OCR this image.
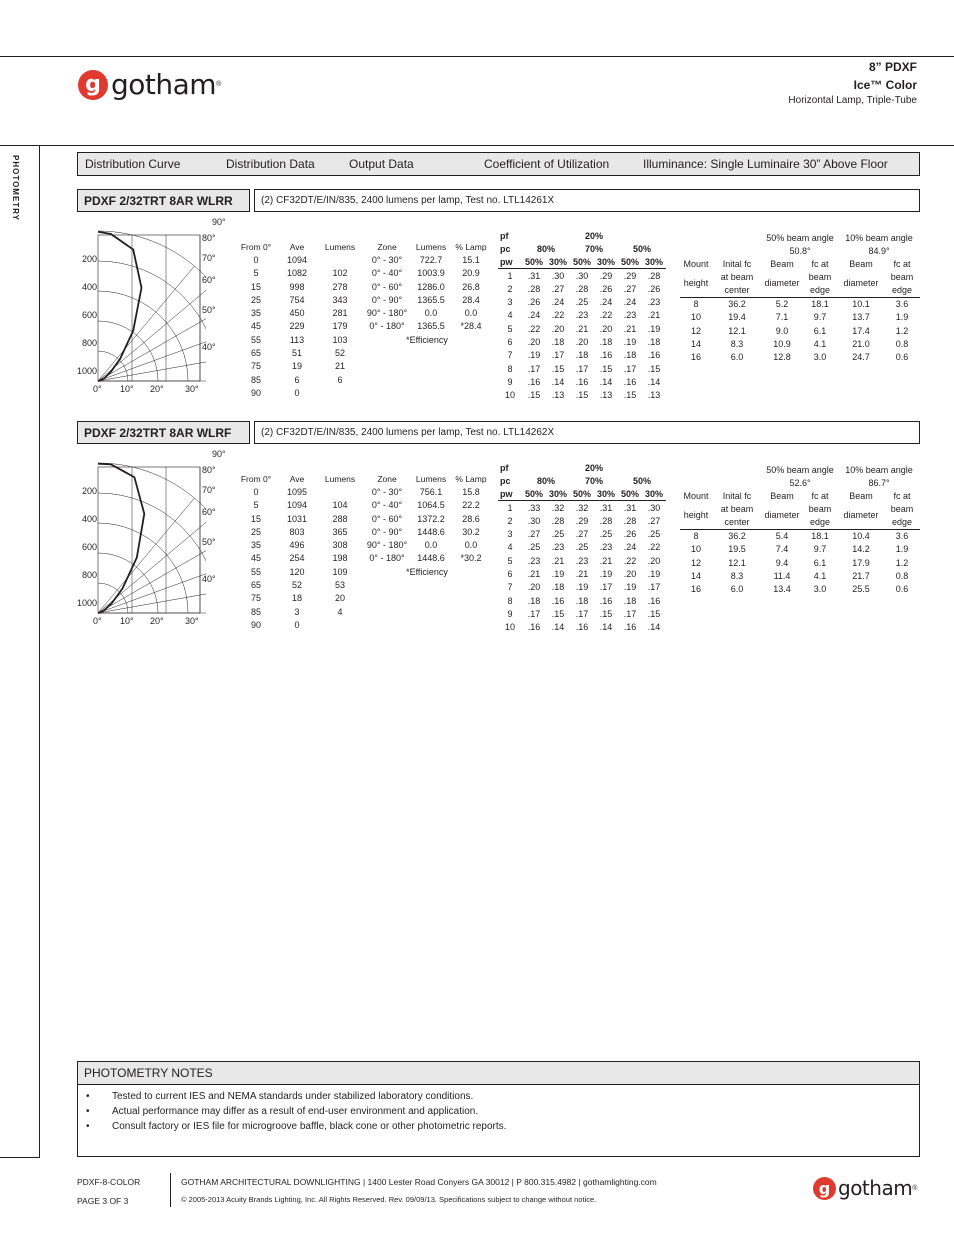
g gotham ®
8” PDXF
Ice™ Color
Horizontal Lamp, Triple-Tube
PHOTOMETRY	Distribution Curve	Distribution Data	Output Data	Coefficient of Utilization	Illuminance: Single Luminaire 30” Above Floor
PDXF 2/32TRT 8AR WLRR	(2) CF32DT/E/IN/835, 2400 lumens per lamp, Test no. LTL14261X
90°
80°
70°
60°
50°
40°
200
400
600
800
1000
0° 10° 20° 30°
From 0°	Ave	Lumens
0	1094	
5	1082	102
15	998	278
25	754	343
35	450	281
45	229	179
55	113	103
65	51	52
75	19	21
85	6	6
90	0	
Zone	Lumens	% Lamp
0° - 30°	722.7	15.1
0° - 40°	1003.9	20.9
0° - 60°	1286.0	26.8
0° - 90°	1365.5	28.4
90° - 180°	0.0	0.0
0° - 180°	1365.5	*28.4
*Efficiency		
pf	20%					
pc	80%		70%		50%	
pw	50%	30%	50%	30%	50%	30%
1	.31	.30	.30	.29	.29	.28
2	.28	.27	.28	.26	.27	.26
3	.26	.24	.25	.24	.24	.23
4	.24	.22	.23	.22	.23	.21
5	.22	.20	.21	.20	.21	.19
6	.20	.18	.20	.18	.19	.18
7	.19	.17	.18	.16	.18	.16
8	.17	.15	.17	.15	.17	.15
9	.16	.14	.16	.14	.16	.14
10	.15	.13	.15	.13	.15	.13
		50% beam angle		10% beam angle	
		50.8°		84.9°	
Mount	Inital fc	Beam	fc at	Beam	fc at
height	at beam center	diameter	beam edge	diameter	beam edge
8	36.2	5.2	18.1	10.1	3.6
10	19.4	7.1	9.7	13.7	1.9
12	12.1	9.0	6.1	17.4	1.2
14	8.3	10.9	4.1	21.0	0.8
16	6.0	12.8	3.0	24.7	0.6
PDXF 2/32TRT 8AR WLRF	(2) CF32DT/E/IN/835, 2400 lumens per lamp, Test no. LTL14262X
90°
80°
70°
60°
50°
40°
200
400
600
800
1000
0° 10° 20° 30°
From 0°	Ave	Lumens
0	1095	
5	1094	104
15	1031	288
25	803	365
35	496	308
45	254	198
55	120	109
65	52	53
75	18	20
85	3	4
90	0	
Zone	Lumens	% Lamp
0° - 30°	756.1	15.8
0° - 40°	1064.5	22.2
0° - 60°	1372.2	28.6
0° - 90°	1448.6	30.2
90° - 180°	0.0	0.0
0° - 180°	1448.6	*30.2
*Efficiency		
pf	20%					
pc	80%		70%		50%	
pw	50%	30%	50%	30%	50%	30%
1	.33	.32	.32	.31	.31	.30
2	.30	.28	.29	.28	.28	.27
3	.27	.25	.27	.25	.26	.25
4	.25	.23	.25	.23	.24	.22
5	.23	.21	.23	.21	.22	.20
6	.21	.19	.21	.19	.20	.19
7	.20	.18	.19	.17	.19	.17
8	.18	.16	.18	.16	.18	.16
9	.17	.15	.17	.15	.17	.15
10	.16	.14	.16	.14	.16	.14
		50% beam angle		10% beam angle	
		52.6°		86.7°	
Mount	Inital fc	Beam	fc at	Beam	fc at
height	at beam center	diameter	beam edge	diameter	beam edge
8	36.2	5.4	18.1	10.4	3.6
10	19.5	7.4	9.7	14.2	1.9
12	12.1	9.4	6.1	17.9	1.2
14	8.3	11.4	4.1	21.7	0.8
16	6.0	13.4	3.0	25.5	0.6
PHOTOMETRY NOTES
• Tested to current IES and NEMA standards under stabilized laboratory conditions.
• Actual performance may differ as a result of end-user environment and application.
• Consult factory or IES file for microgroove baffle, black cone or other photometric reports.
PDXF-8-COLOR
PAGE 3 OF 3
GOTHAM ARCHITECTURAL DOWNLIGHTING | 1400 Lester Road Conyers GA 30012 | P 800.315.4982 | gothamlighting.com
© 2005-2013 Acuity Brands Lighting, Inc. All Rights Reserved. Rev. 09/09/13. Specifications subject to change without notice.
g gotham ®
